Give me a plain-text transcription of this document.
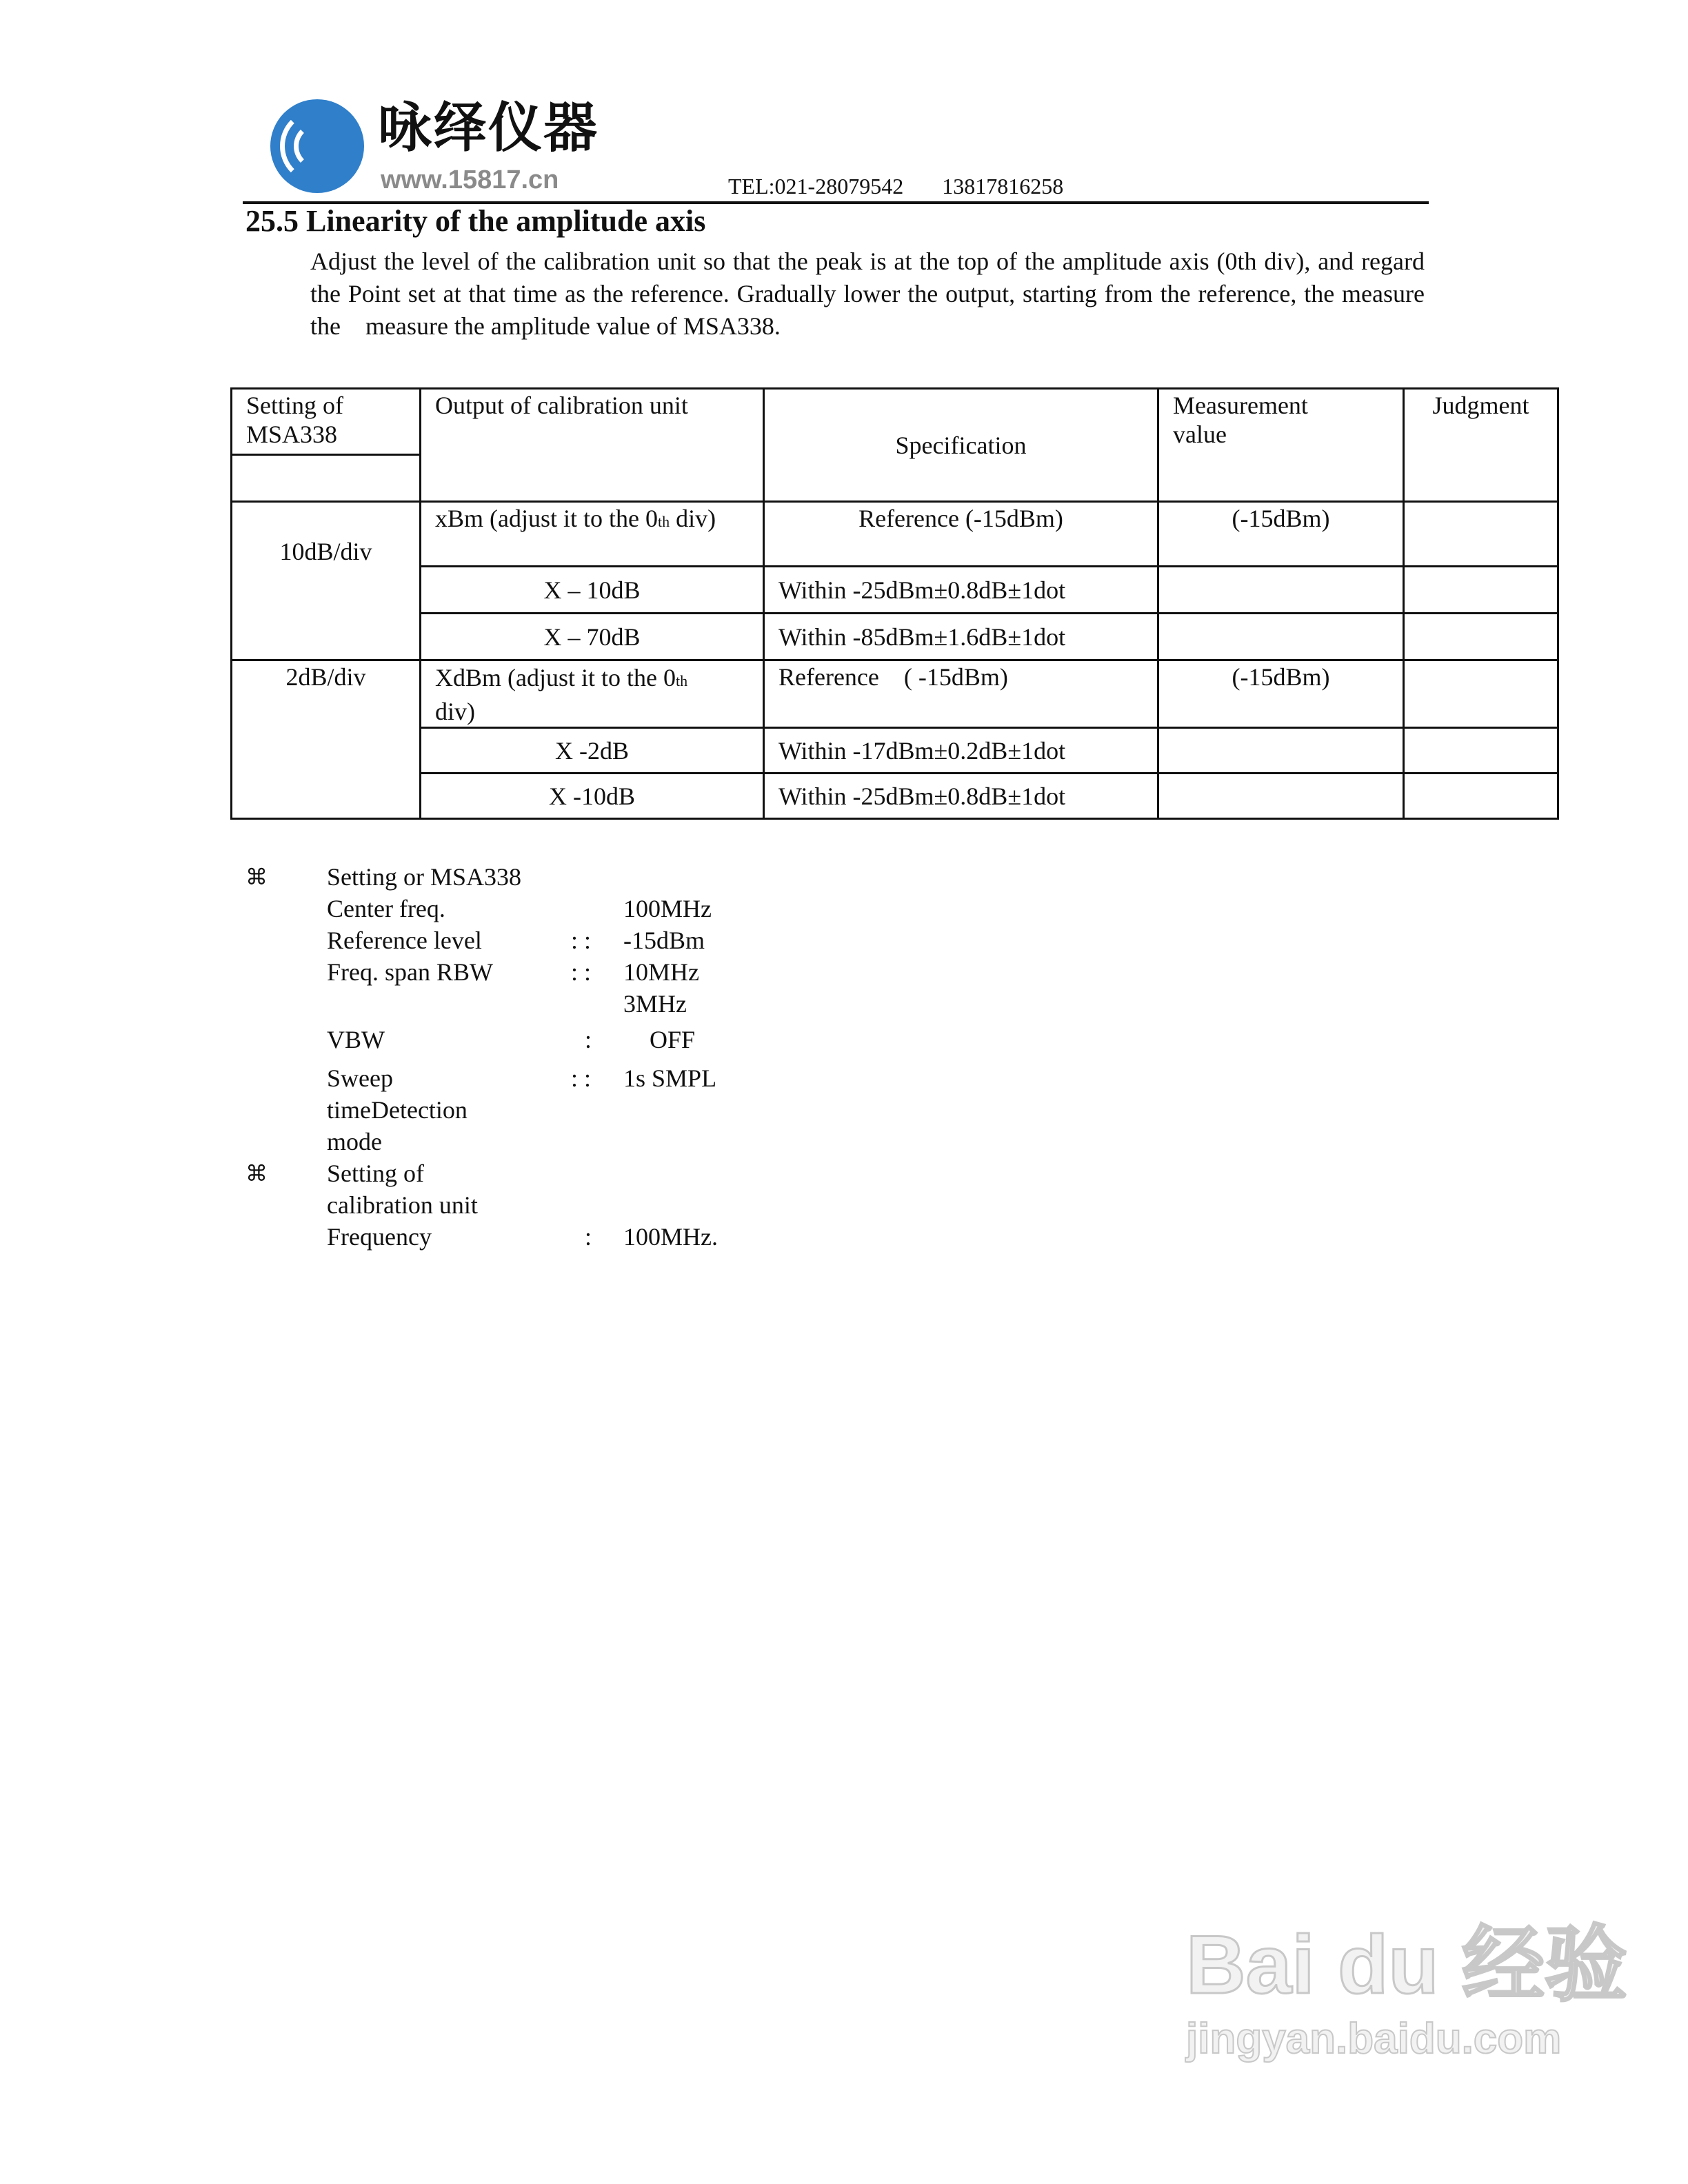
咏绎仪器
www.15817.cn	TEL:021-28079542 13817816258
25.5 Linearity of the amplitude axis
Adjust the level of the calibration unit so that the peak is at the top of the amplitude axis (0th div), and regard the Point set at that time as the reference. Gradually lower the output, starting from the reference, the measure the    measure the amplitude value of MSA338.
Setting of MSA338	Output of calibration unit	Specification	Measurement value	Judgment

10dB/div	xBm (adjust it to the 0th div)	Reference (-15dBm)	(-15dBm)	
	X – 10dB	Within -25dBm±0.8dB±1dot		
	X – 70dB	Within -85dBm±1.6dB±1dot		
2dB/div	XdBm (adjust it to the 0th
div)	Reference    ( -15dBm)	(-15dBm)	
	X -2dB	Within -17dBm±0.2dB±1dot		
	X -10dB	Within -25dBm±0.8dB±1dot		
⌘ Setting or MSA338
Center freq.	100MHz
Reference level	: : -15dBm
Freq. span RBW	: : 10MHz
3MHz
VBW	: OFF
Sweep	: : 1s SMPL
timeDetection
mode
⌘ Setting of
calibration unit
Frequency	: 100MHz.
Bai du 经验
jingyan.baidu.com
